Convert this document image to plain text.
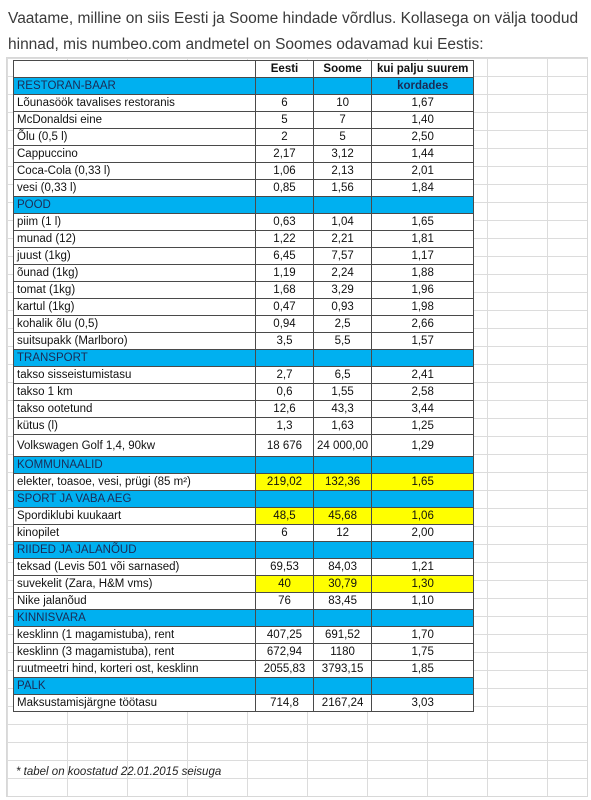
Vaatame, milline on siis Eesti ja Soome hindade võrdlus. Kollasega on välja toodud hinnad, mis numbeo.com andmetel on Soomes odavamad kui Eestis:
	Eesti	Soome	kui palju suurem
RESTORAN-BAAR			kordades
Lõunasöök tavalises restoranis	6	10	1,67
McDonaldsi eine	5	7	1,40
Õlu (0,5 l)	2	5	2,50
Cappuccino	2,17	3,12	1,44
Coca-Cola (0,33 l)	1,06	2,13	2,01
vesi (0,33 l)	0,85	1,56	1,84
POOD			
piim (1 l)	0,63	1,04	1,65
munad (12)	1,22	2,21	1,81
juust (1kg)	6,45	7,57	1,17
õunad (1kg)	1,19	2,24	1,88
tomat (1kg)	1,68	3,29	1,96
kartul (1kg)	0,47	0,93	1,98
kohalik õlu (0,5)	0,94	2,5	2,66
suitsupakk (Marlboro)	3,5	5,5	1,57
TRANSPORT			
takso sisseistumistasu	2,7	6,5	2,41
takso 1 km	0,6	1,55	2,58
takso ootetund	12,6	43,3	3,44
kütus (l)	1,3	1,63	1,25
Volkswagen Golf 1,4, 90kw	18 676	24 000,00	1,29
KOMMUNAALID			
elekter, toasoe, vesi, prügi (85 m²)	219,02	132,36	1,65
SPORT JA VABA AEG			
Spordiklubi kuukaart	48,5	45,68	1,06
kinopilet	6	12	2,00
RIIDED JA JALANÕUD			
teksad (Levis 501 või sarnased)	69,53	84,03	1,21
suvekelit (Zara, H&M vms)	40	30,79	1,30
Nike jalanõud	76	83,45	1,10
KINNISVARA			
kesklinn (1 magamistuba), rent	407,25	691,52	1,70
kesklinn (3 magamistuba), rent	672,94	1180	1,75
ruutmeetri hind, korteri ost, kesklinn	2055,83	3793,15	1,85
PALK			
Maksustamisjärgne töötasu	714,8	2167,24	3,03
* tabel on koostatud 22.01.2015 seisuga
